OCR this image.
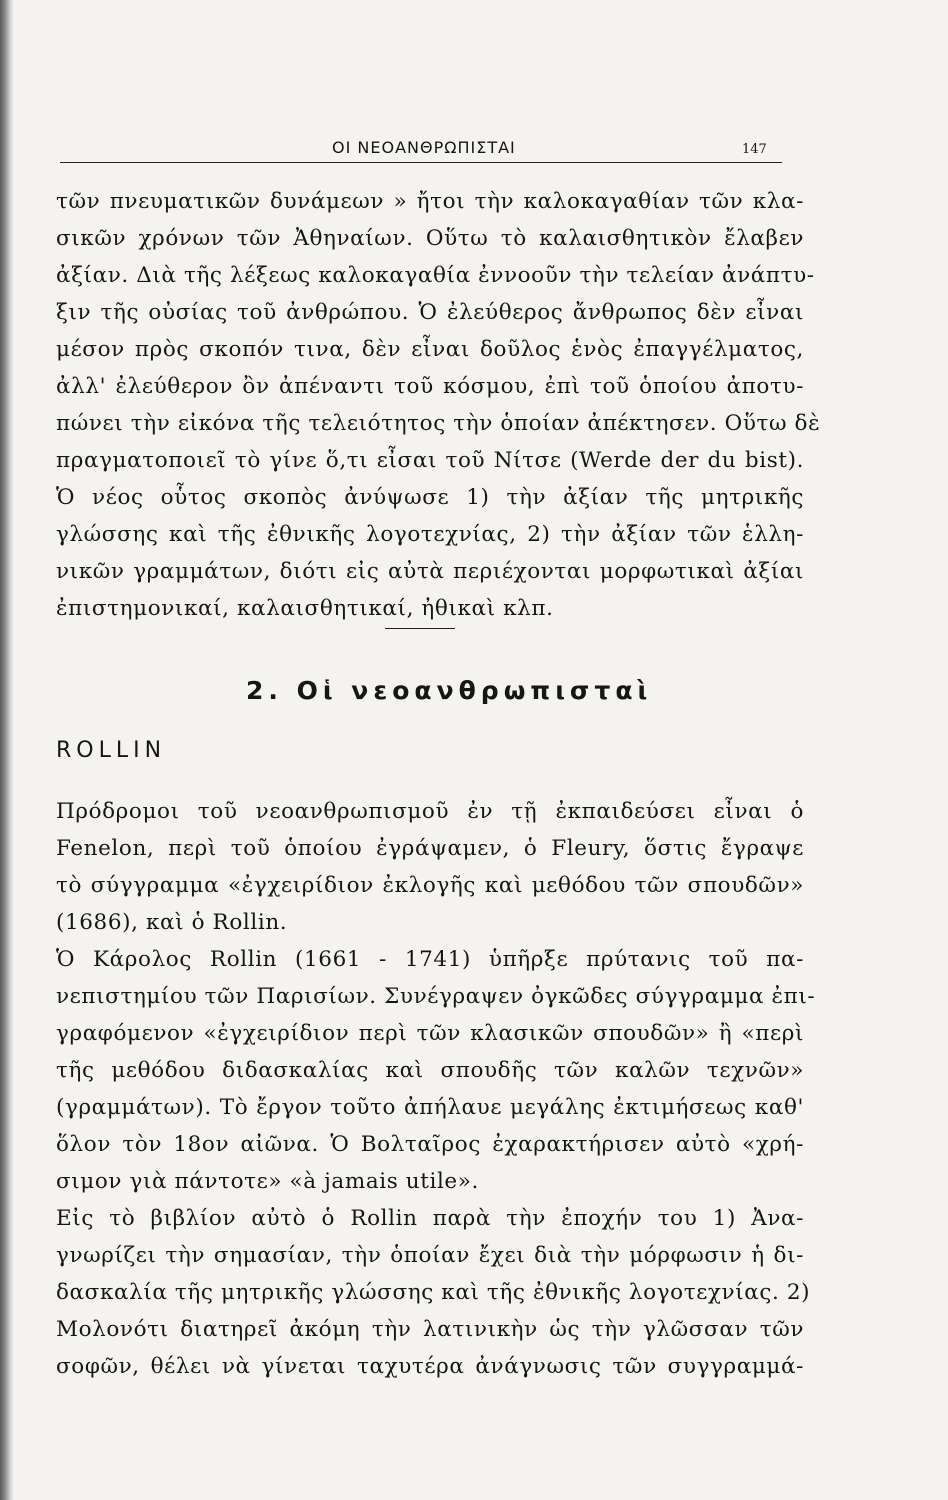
ΟΙ ΝΕΟΑΝΘΡΩΠΙΣΤΑΙ	147
τῶν πνευματικῶν δυνάμεων » ἤτοι τὴν καλοκαγαθίαν τῶν κλα-
σικῶν χρόνων τῶν Ἀθηναίων. Οὕτω τὸ καλαισθητικὸν ἔλαβεν
ἀξίαν. Διὰ τῆς λέξεως καλοκαγαθία ἐννοοῦν τὴν τελείαν ἀνάπτυ-
ξιν τῆς οὐσίας τοῦ ἀνθρώπου. Ὁ ἐλεύθερος ἄνθρωπος δὲν εἶναι
μέσον πρὸς σκοπόν τινα, δὲν εἶναι δοῦλος ἑνὸς ἐπαγγέλματος,
ἀλλ' ἐλεύθερον ὂν ἀπέναντι τοῦ κόσμου, ἐπὶ τοῦ ὁποίου ἀποτυ-
πώνει τὴν εἰκόνα τῆς τελειότητος τὴν ὁποίαν ἀπέκτησεν. Οὕτω δὲ
πραγματοποιεῖ τὸ γίνε ὅ,τι εἶσαι τοῦ Νίτσε (Werde der du bist).
Ὁ νέος οὗτος σκοπὸς ἀνύψωσε 1) τὴν ἀξίαν τῆς μητρικῆς
γλώσσης καὶ τῆς ἐθνικῆς λογοτεχνίας, 2) τὴν ἀξίαν τῶν ἑλλη-
νικῶν γραμμάτων, διότι εἰς αὐτὰ περιέχονται μορφωτικαὶ ἀξίαι
ἐπιστημονικαί, καλαισθητικαί, ἠθικαὶ κλπ.
2. Οἱ νεοανθρωπισταὶ
ROLLIN
Πρόδρομοι τοῦ νεοανθρωπισμοῦ ἐν τῇ ἐκπαιδεύσει εἶναι ὁ
Fenelon, περὶ τοῦ ὁποίου ἐγράψαμεν, ὁ Fleury, ὅστις ἔγραψε
τὸ σύγγραμμα «ἐγχειρίδιον ἐκλογῆς καὶ μεθόδου τῶν σπουδῶν»
(1686), καὶ ὁ Rollin.
Ὁ Κάρολος Rollin (1661 - 1741) ὑπῆρξε πρύτανις τοῦ πα-
νεπιστημίου τῶν Παρισίων. Συνέγραψεν ὀγκῶδες σύγγραμμα ἐπι-
γραφόμενον «ἐγχειρίδιον περὶ τῶν κλασικῶν σπουδῶν» ἢ «περὶ
τῆς μεθόδου διδασκαλίας καὶ σπουδῆς τῶν καλῶν τεχνῶν»
(γραμμάτων). Τὸ ἔργον τοῦτο ἀπήλαυε μεγάλης ἐκτιμήσεως καθ'
ὅλον τὸν 18ον αἰῶνα. Ὁ Βολταῖρος ἐχαρακτήρισεν αὐτὸ «χρή-
σιμον γιὰ πάντοτε» «à jamais utile».
Εἰς τὸ βιβλίον αὐτὸ ὁ Rollin παρὰ τὴν ἐποχήν του 1) Ἀνα-
γνωρίζει τὴν σημασίαν, τὴν ὁποίαν ἔχει διὰ τὴν μόρφωσιν ἡ δι-
δασκαλία τῆς μητρικῆς γλώσσης καὶ τῆς ἐθνικῆς λογοτεχνίας. 2)
Μολονότι διατηρεῖ ἀκόμη τὴν λατινικὴν ὡς τὴν γλῶσσαν τῶν
σοφῶν, θέλει νὰ γίνεται ταχυτέρα ἀνάγνωσις τῶν συγγραμμά-
